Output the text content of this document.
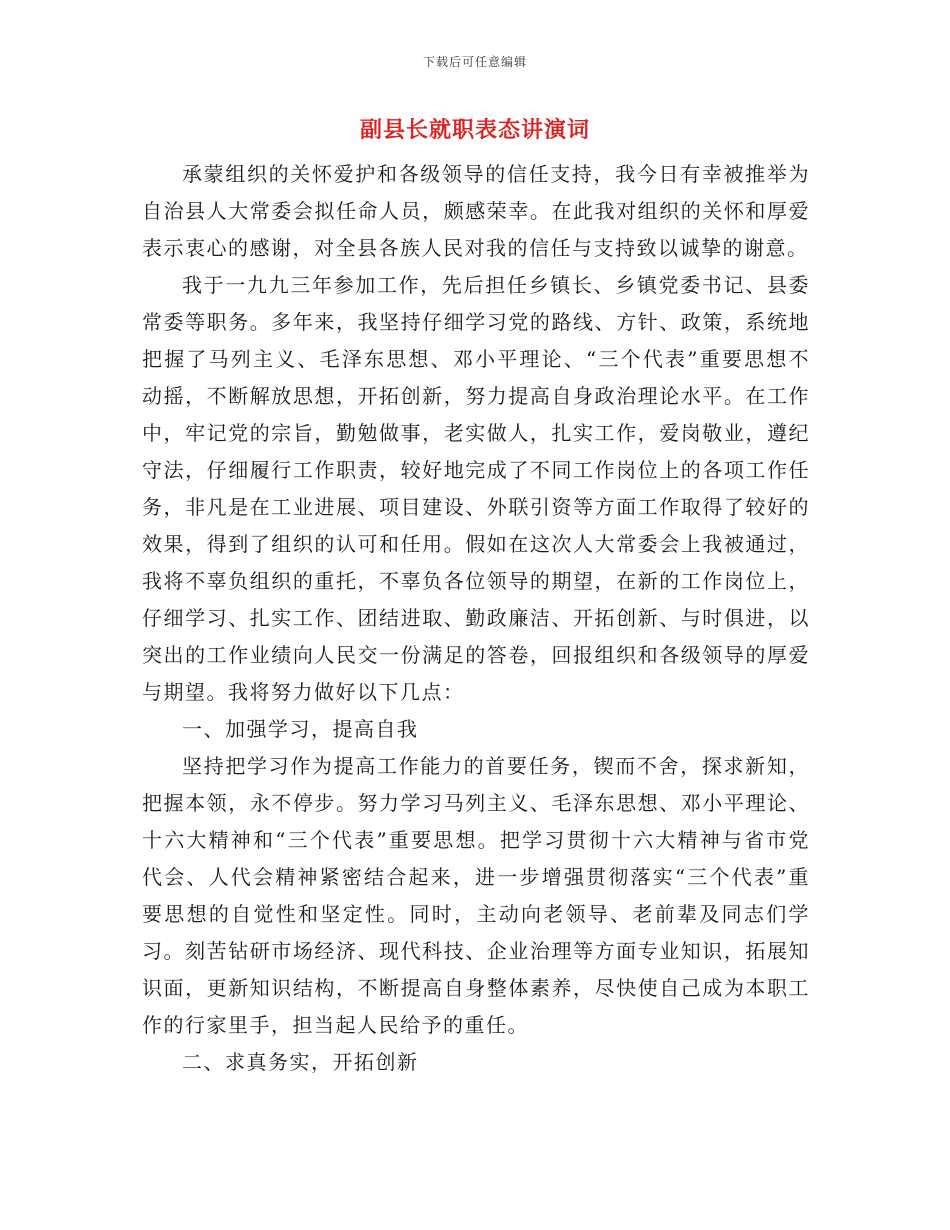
下载后可任意编辑
副县长就职表态讲演词

承蒙组织的关怀爱护和各级领导的信任支持，我今日有幸被推举为自治县人大常委会拟任命人员，颇感荣幸。在此我对组织的关怀和厚爱表示衷心的感谢，对全县各族人民对我的信任与支持致以诚挚的谢意。

我于一九九三年参加工作，先后担任乡镇长、乡镇党委书记、县委常委等职务。多年来，我坚持仔细学习党的路线、方针、政策，系统地把握了马列主义、毛泽东思想、邓小平理论、“三个代表”重要思想不动摇，不断解放思想，开拓创新，努力提高自身政治理论水平。在工作中，牢记党的宗旨，勤勉做事，老实做人，扎实工作，爱岗敬业，遵纪守法，仔细履行工作职责，较好地完成了不同工作岗位上的各项工作任务，非凡是在工业进展、项目建设、外联引资等方面工作取得了较好的效果，得到了组织的认可和任用。假如在这次人大常委会上我被通过，我将不辜负组织的重托，不辜负各位领导的期望，在新的工作岗位上，仔细学习、扎实工作、团结进取、勤政廉洁、开拓创新、与时俱进，以突出的工作业绩向人民交一份满足的答卷，回报组织和各级领导的厚爱与期望。我将努力做好以下几点：

一、加强学习，提高自我

坚持把学习作为提高工作能力的首要任务，锲而不舍，探求新知，把握本领，永不停步。努力学习马列主义、毛泽东思想、邓小平理论、十六大精神和“三个代表”重要思想。把学习贯彻十六大精神与省市党代会、人代会精神紧密结合起来，进一步增强贯彻落实“三个代表”重要思想的自觉性和坚定性。同时，主动向老领导、老前辈及同志们学习。刻苦钻研市场经济、现代科技、企业治理等方面专业知识，拓展知识面，更新知识结构，不断提高自身整体素养，尽快使自己成为本职工作的行家里手，担当起人民给予的重任。

二、求真务实，开拓创新
